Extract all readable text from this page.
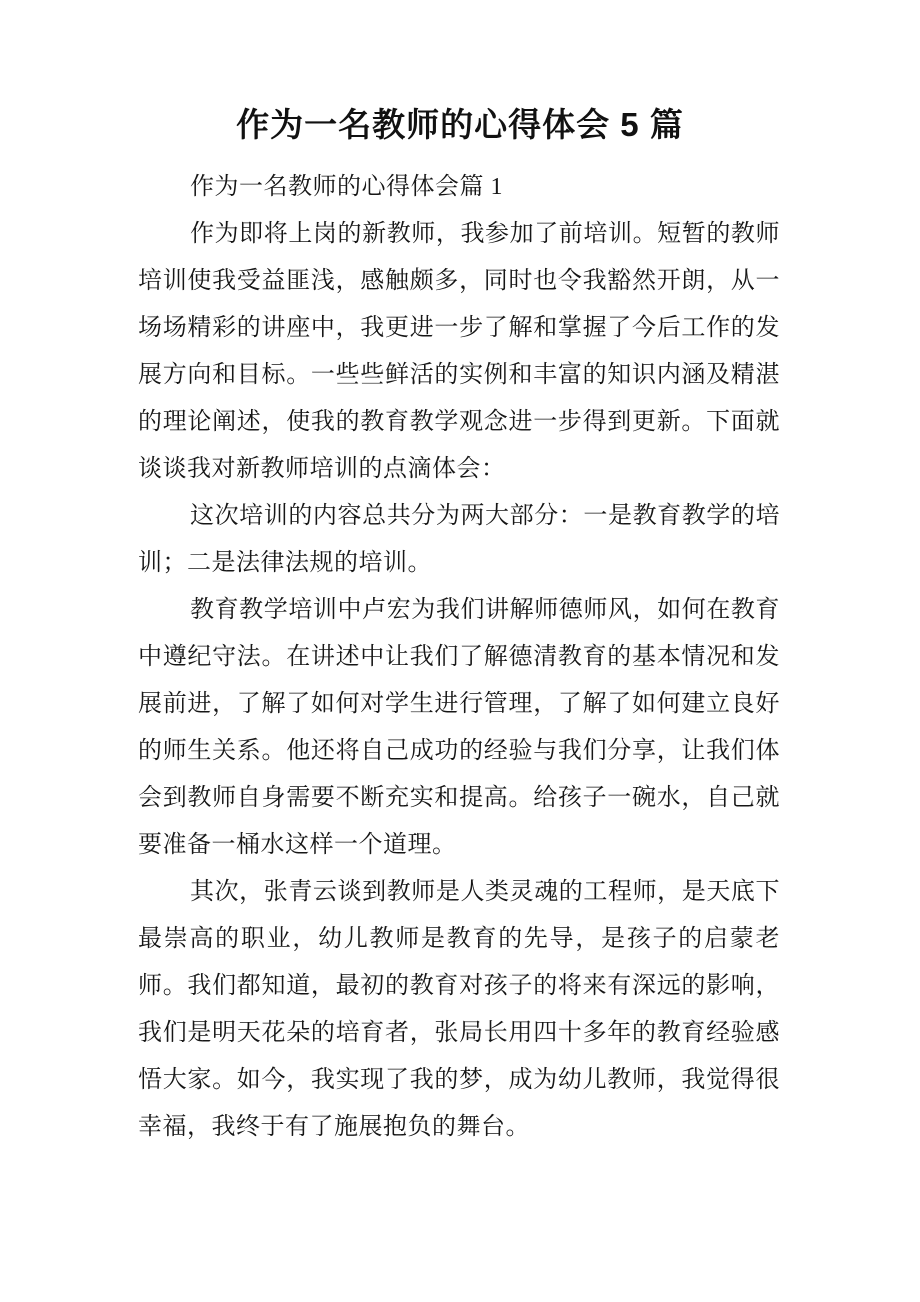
作为一名教师的心得体会 5 篇

作为一名教师的心得体会篇 1

作为即将上岗的新教师，我参加了前培训。短暂的教师培训使我受益匪浅，感触颇多，同时也令我豁然开朗，从一场场精彩的讲座中，我更进一步了解和掌握了今后工作的发展方向和目标。一些些鲜活的实例和丰富的知识内涵及精湛的理论阐述，使我的教育教学观念进一步得到更新。下面就谈谈我对新教师培训的点滴体会：

这次培训的内容总共分为两大部分：一是教育教学的培训；二是法律法规的培训。

教育教学培训中卢宏为我们讲解师德师风，如何在教育中遵纪守法。在讲述中让我们了解德清教育的基本情况和发展前进，了解了如何对学生进行管理，了解了如何建立良好的师生关系。他还将自己成功的经验与我们分享，让我们体会到教师自身需要不断充实和提高。给孩子一碗水，自己就要准备一桶水这样一个道理。

其次，张青云谈到教师是人类灵魂的工程师，是天底下最崇高的职业，幼儿教师是教育的先导，是孩子的启蒙老师。我们都知道，最初的教育对孩子的将来有深远的影响，我们是明天花朵的培育者，张局长用四十多年的教育经验感悟大家。如今，我实现了我的梦，成为幼儿教师，我觉得很幸福，我终于有了施展抱负的舞台。
